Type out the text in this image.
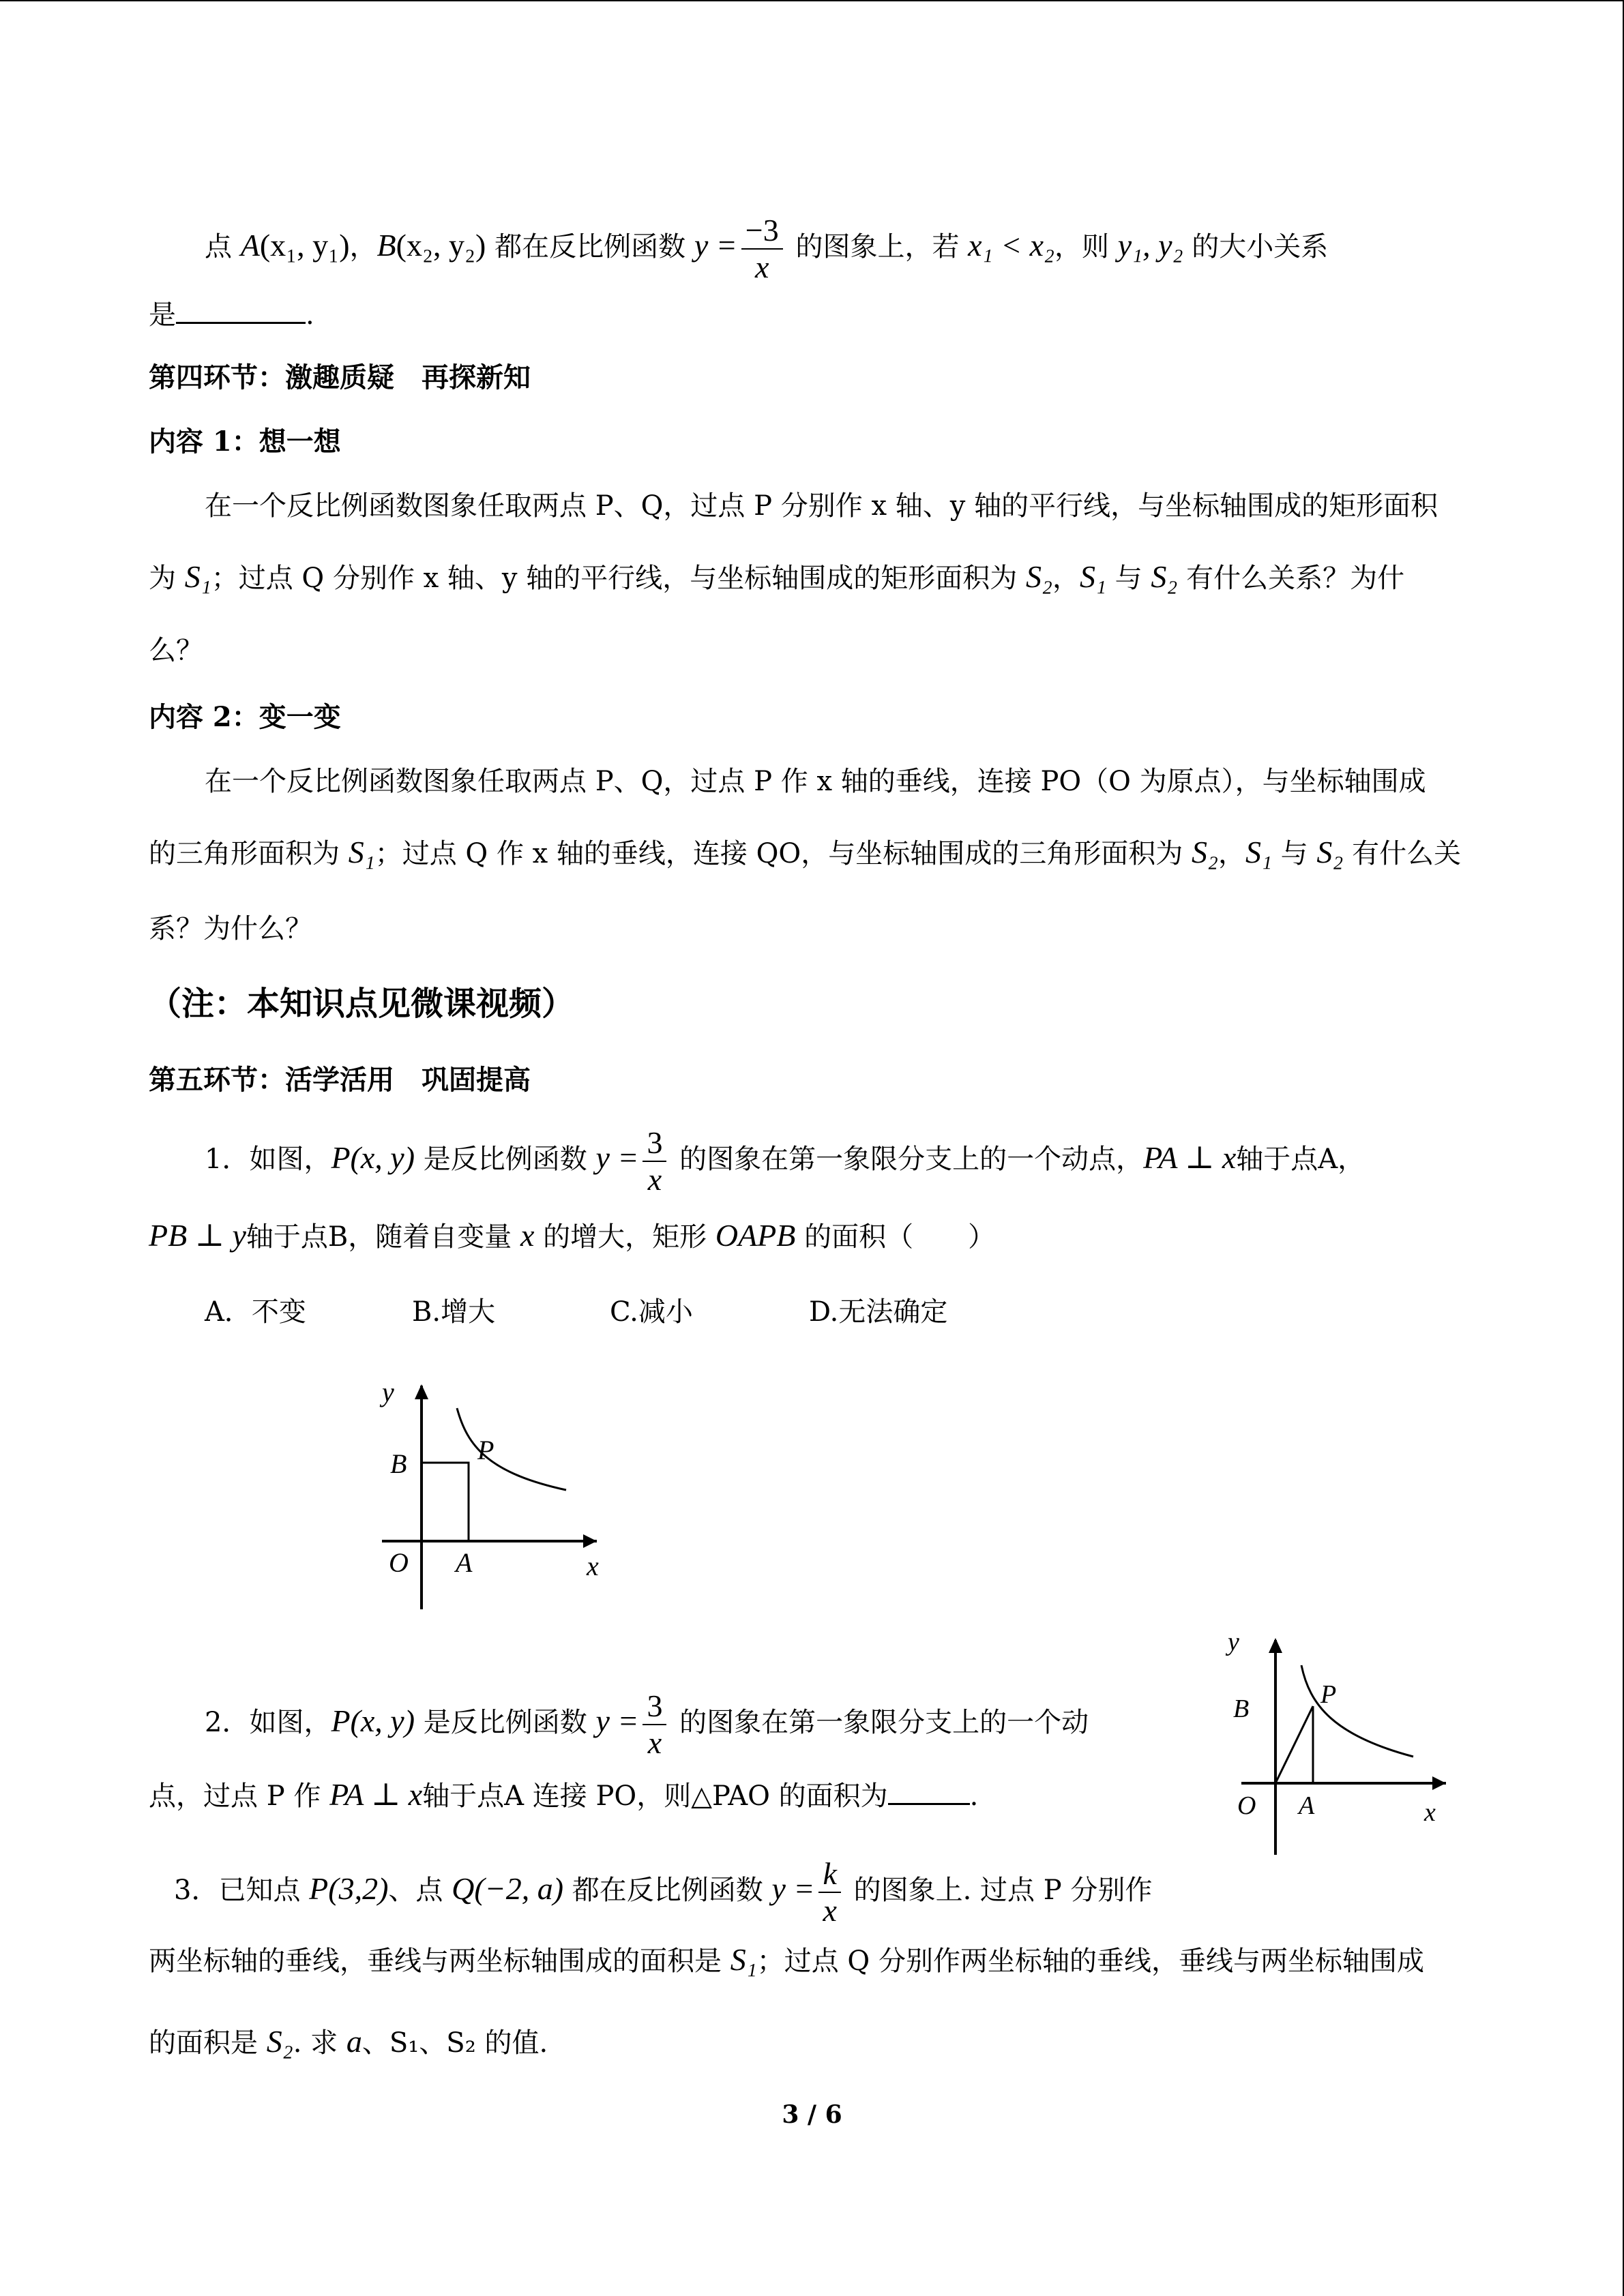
点 A(x₁, y₁)，B(x₂, y₂) 都在反比例函数 $y = \frac{-3}{x}$ 的图象上，若 x₁ < x₂，则 y₁, y₂ 的大小关系
是	.
第四环节：激趣质疑　再探新知
内容 1：想一想
在一个反比例函数图象任取两点 P、Q，过点 P 分别作 x 轴、y 轴的平行线，与坐标轴围成的矩形面积
为 S₁；过点 Q 分别作 x 轴、y 轴的平行线，与坐标轴围成的矩形面积为 S₂，S₁ 与 S₂ 有什么关系？为什
么？
内容 2：变一变
在一个反比例函数图象任取两点 P、Q，过点 P 作 x 轴的垂线，连接 PO（O 为原点），与坐标轴围成
的三角形面积为 S₁；过点 Q 作 x 轴的垂线，连接 QO，与坐标轴围成的三角形面积为 S₂，S₁ 与 S₂ 有什么关
系？为什么？
（注：本知识点见微课视频）
第五环节：活学活用　巩固提高
1．如图，P(x, y) 是反比例函数 $y = \frac{3}{x}$ 的图象在第一象限分支上的一个动点，PA ⊥ x轴于点A，
PB ⊥ y轴于点B，随着自变量 x 的增大，矩形 OAPB 的面积（　　）
A．不变	B.增大	C.减小	D.无法确定
y
x
O A
B	P
2．如图，P(x, y) 是反比例函数 $y = \frac{3}{x}$ 的图象在第一象限分支上的一个动
点，过点 P 作 PA ⊥ x轴于点A 连接 PO，则△PAO 的面积为	.
y
x
O A
B	P
3．已知点 P(3,2)、点 Q(−2, a) 都在反比例函数 $y = \frac{k}{x}$ 的图象上. 过点 P 分别作
两坐标轴的垂线，垂线与两坐标轴围成的面积是 S₁；过点 Q 分别作两坐标轴的垂线，垂线与两坐标轴围成
的面积是 S₂. 求 a、S₁、S₂ 的值.
3 / 6
